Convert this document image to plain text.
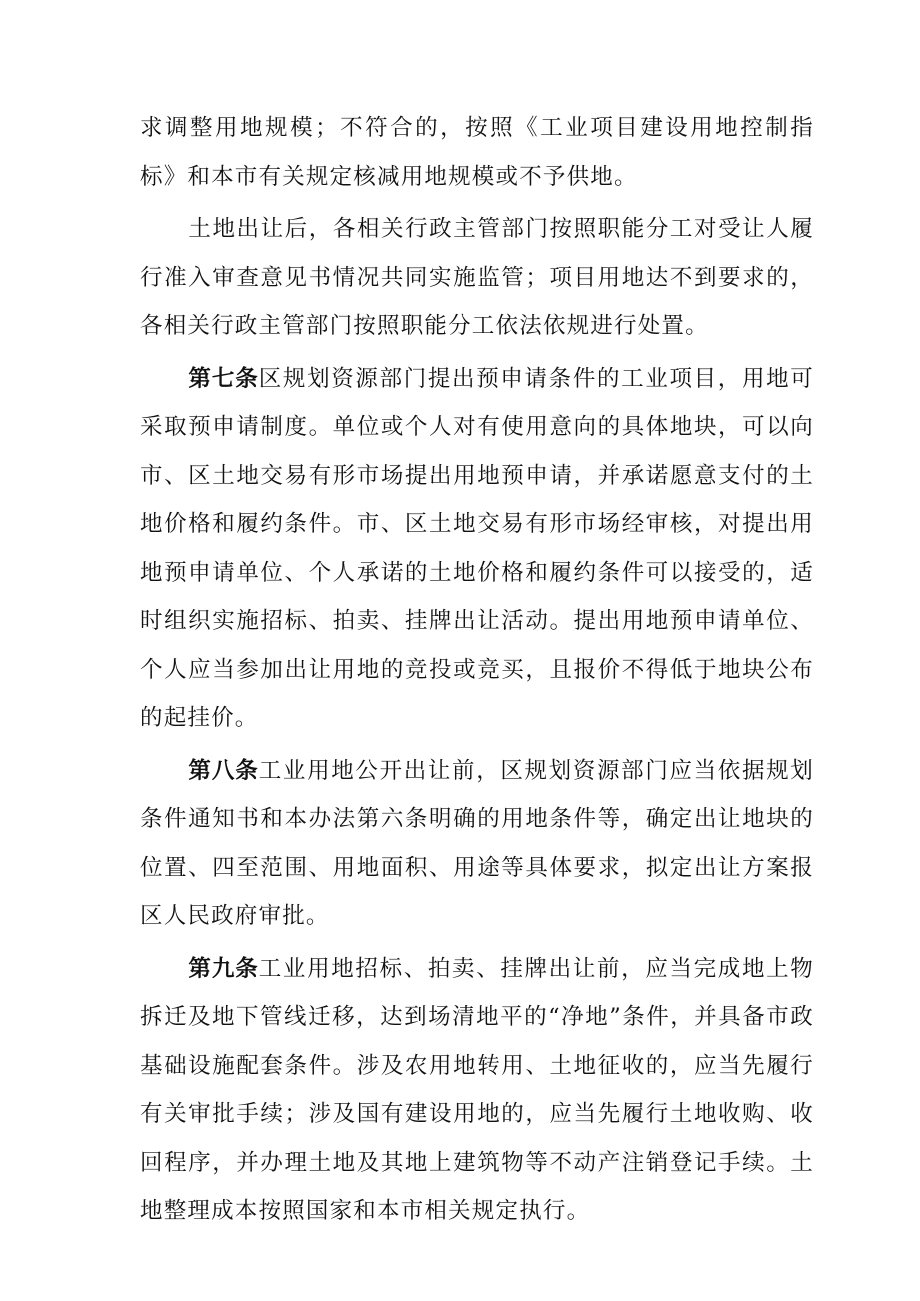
求调整用地规模；不符合的，按照《工业项目建设用地控制指标》和本市有关规定核减用地规模或不予供地。

土地出让后，各相关行政主管部门按照职能分工对受让人履行准入审查意见书情况共同实施监管；项目用地达不到要求的，各相关行政主管部门按照职能分工依法依规进行处置。

第七条区规划资源部门提出预申请条件的工业项目，用地可采取预申请制度。单位或个人对有使用意向的具体地块，可以向市、区土地交易有形市场提出用地预申请，并承诺愿意支付的土地价格和履约条件。市、区土地交易有形市场经审核，对提出用地预申请单位、个人承诺的土地价格和履约条件可以接受的，适时组织实施招标、拍卖、挂牌出让活动。提出用地预申请单位、个人应当参加出让用地的竞投或竞买，且报价不得低于地块公布的起挂价。

第八条工业用地公开出让前，区规划资源部门应当依据规划条件通知书和本办法第六条明确的用地条件等，确定出让地块的位置、四至范围、用地面积、用途等具体要求，拟定出让方案报区人民政府审批。

第九条工业用地招标、拍卖、挂牌出让前，应当完成地上物拆迁及地下管线迁移，达到场清地平的“净地”条件，并具备市政基础设施配套条件。涉及农用地转用、土地征收的，应当先履行有关审批手续；涉及国有建设用地的，应当先履行土地收购、收回程序，并办理土地及其地上建筑物等不动产注销登记手续。土地整理成本按照国家和本市相关规定执行。
